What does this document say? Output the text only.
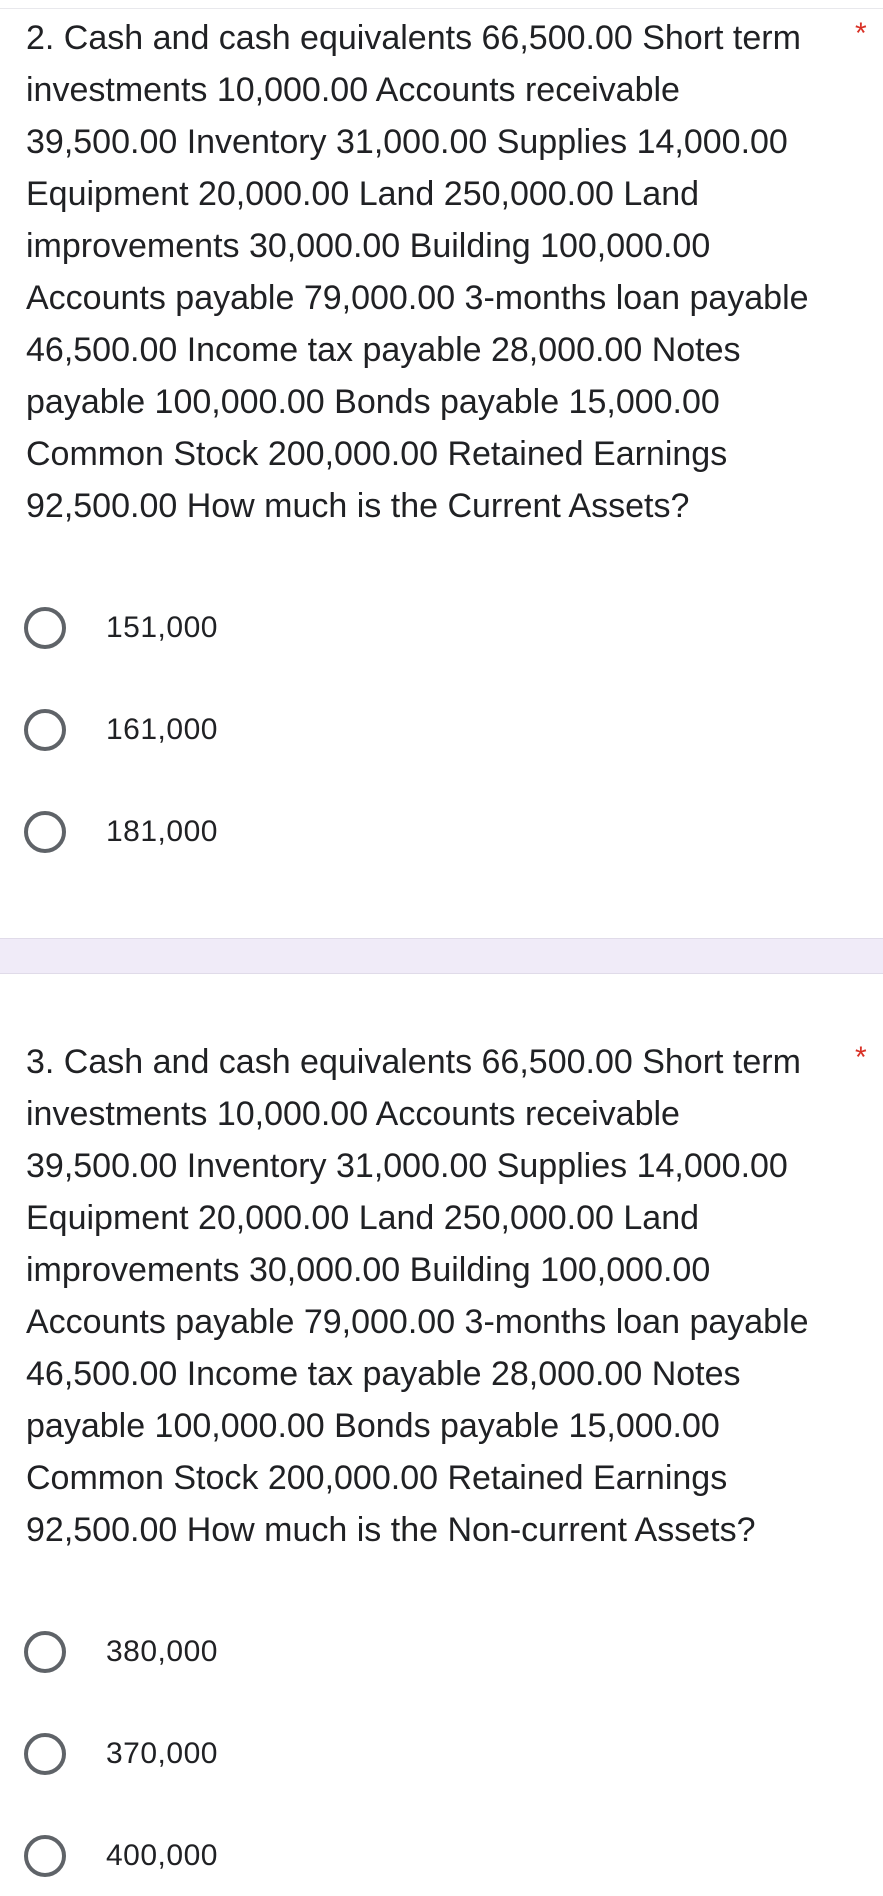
2. Cash and cash equivalents 66,500.00 Short term investments 10,000.00 Accounts receivable 39,500.00 Inventory 31,000.00 Supplies 14,000.00 Equipment 20,000.00 Land 250,000.00 Land improvements 30,000.00 Building 100,000.00 Accounts payable 79,000.00 3-months loan payable 46,500.00 Income tax payable 28,000.00 Notes payable 100,000.00 Bonds payable 15,000.00 Common Stock 200,000.00 Retained Earnings 92,500.00 How much is the Current Assets?

*
151,000
161,000
181,000

3. Cash and cash equivalents 66,500.00 Short term investments 10,000.00 Accounts receivable 39,500.00 Inventory 31,000.00 Supplies 14,000.00 Equipment 20,000.00 Land 250,000.00 Land improvements 30,000.00 Building 100,000.00 Accounts payable 79,000.00 3-months loan payable 46,500.00 Income tax payable 28,000.00 Notes payable 100,000.00 Bonds payable 15,000.00 Common Stock 200,000.00 Retained Earnings 92,500.00 How much is the Non-current Assets?

*
380,000
370,000
400,000
